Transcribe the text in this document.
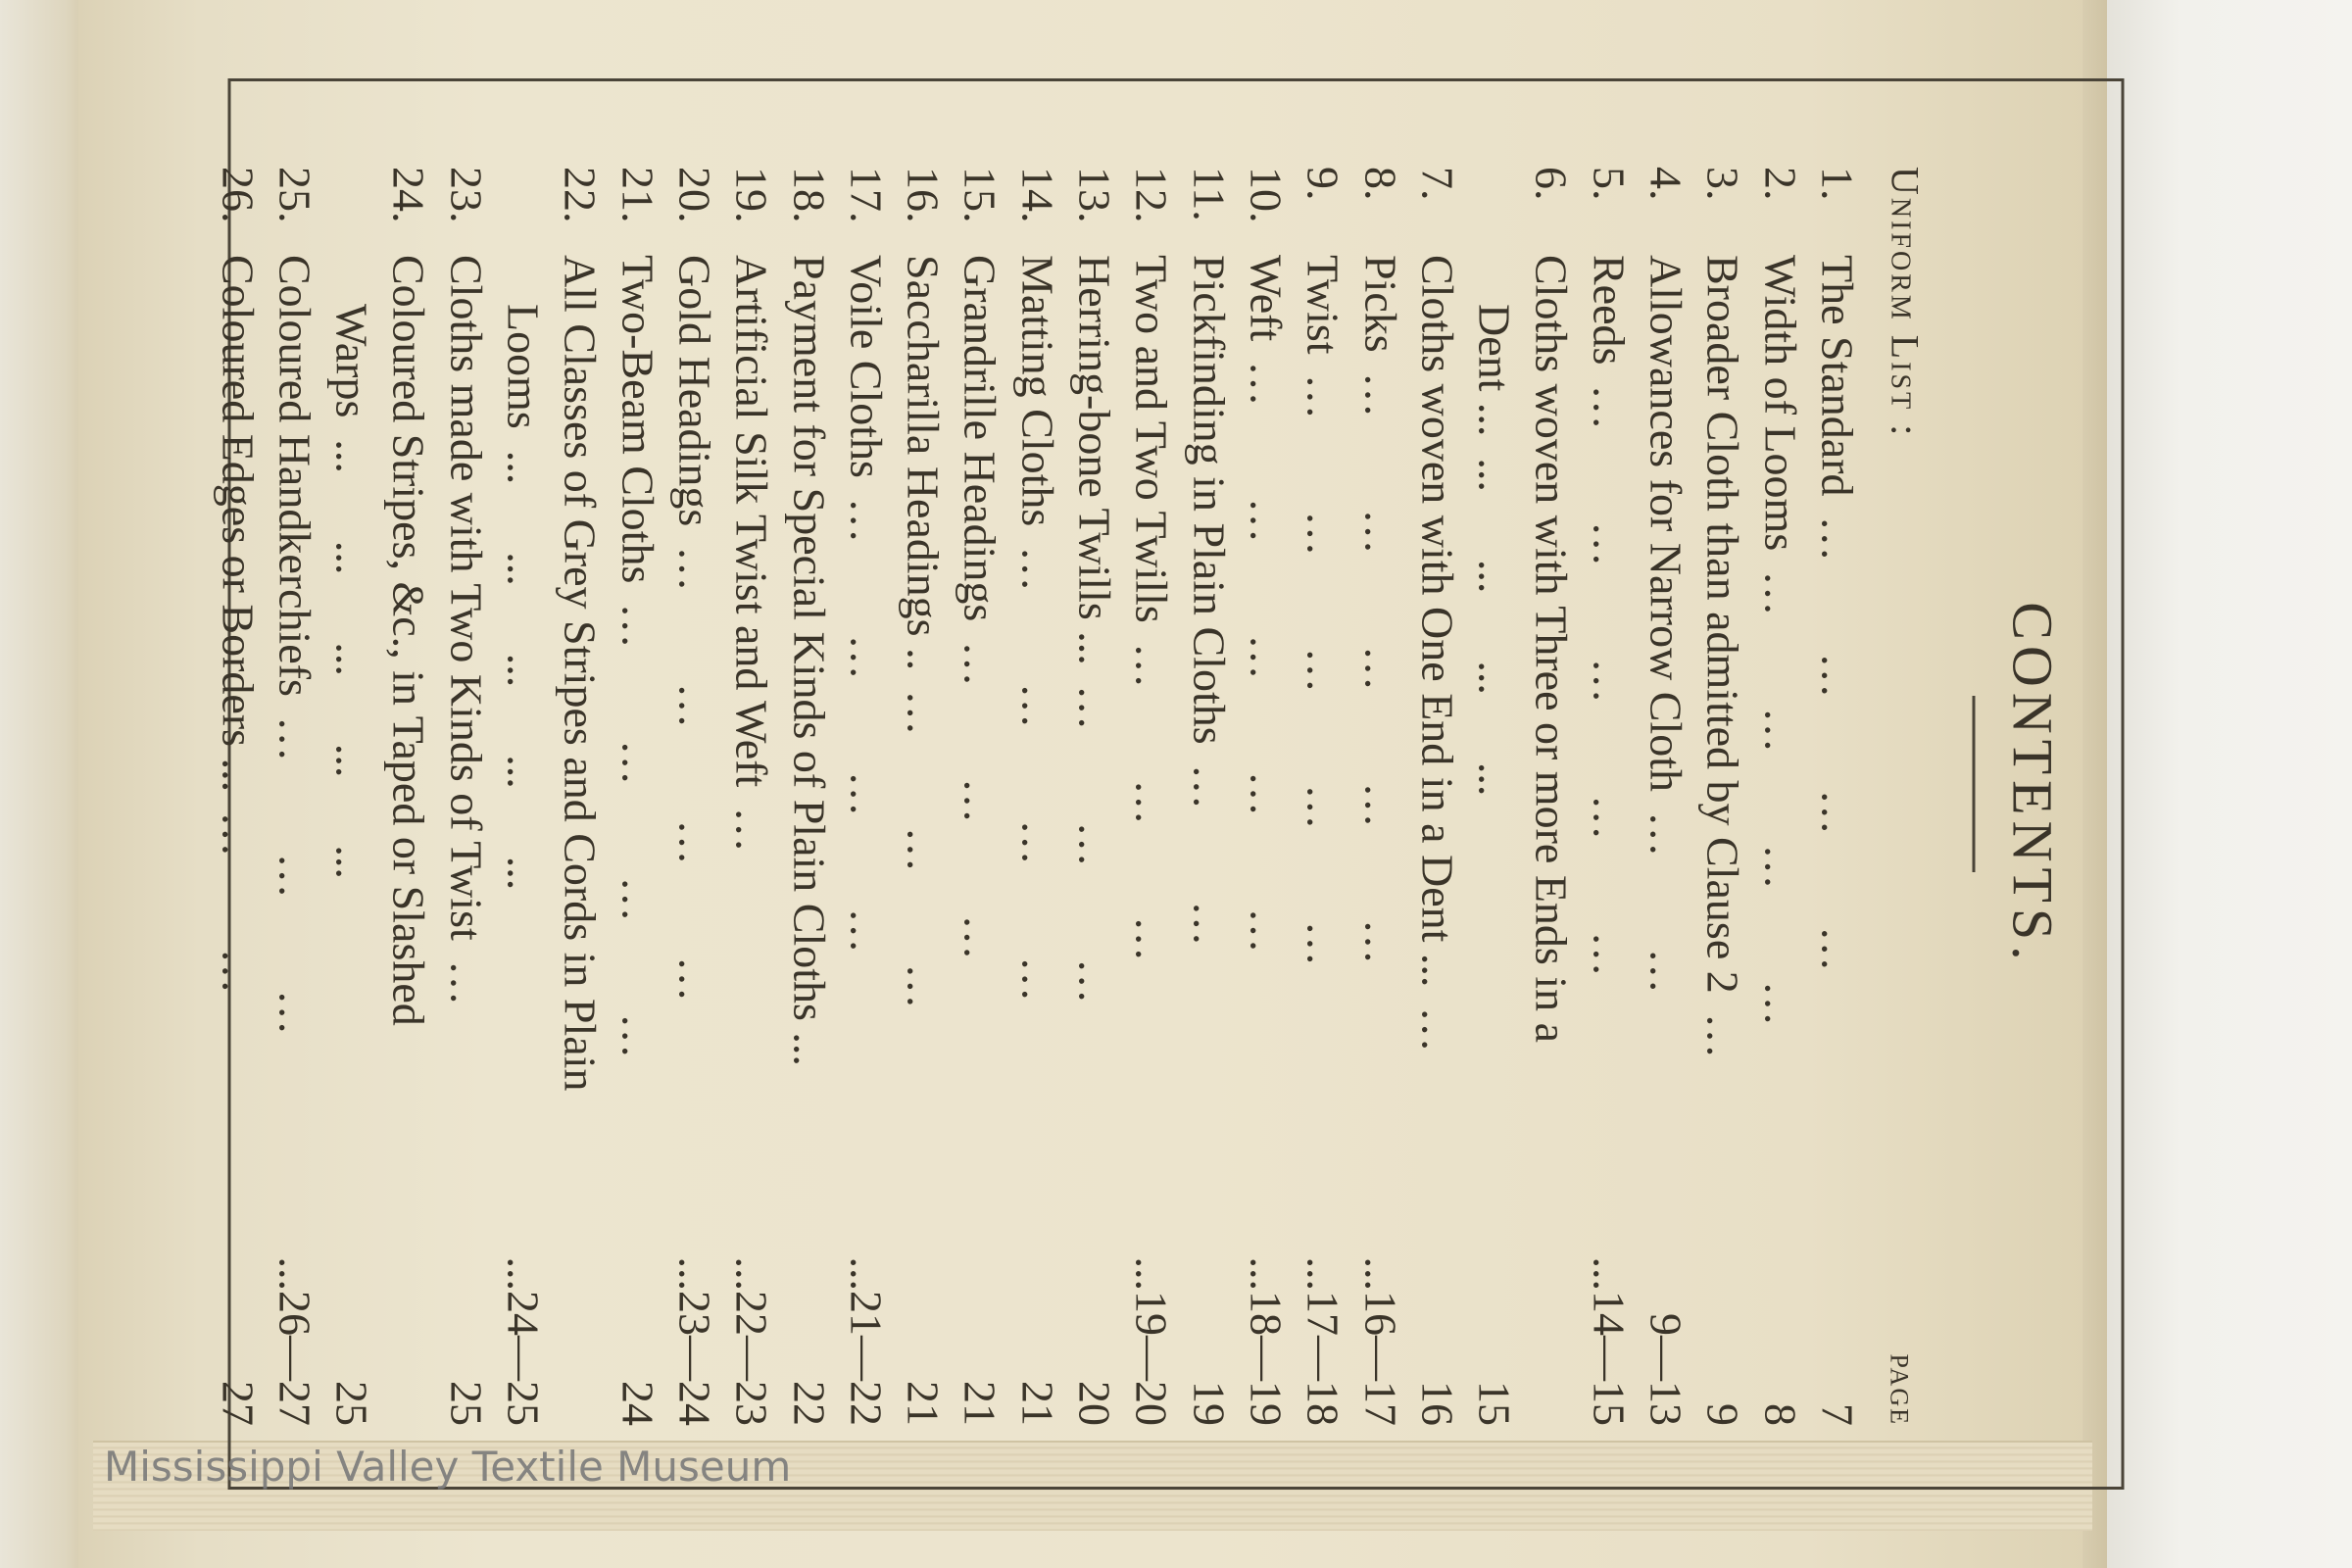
CONTENTS.
Uniform List :
PAGE
1.
The Standard...      ...      ...      ...
7
2.
Width of Looms...      ...      ...      ...
8
3.
Broader Cloth than admitted by Clause 2...
9
4.
Allowances for Narrow Cloth...      ...
9—13
5.
Reeds...      ...      ...      ...      ...
...14—15
6.
Cloths woven with Three or more Ends in a
Dent ......      ...      ...      ...
15
7.
Cloths woven with One End in a Dent ......
16
8.
Picks...      ...      ...      ...      ...
...16—17
9.
Twist...      ...      ...      ...      ...
...17—18
10.
Weft...      ...      ...      ...      ...
...18—19
11.
Pickfinding in Plain Cloths...      ...
19
12.
Two and Two Twills...      ...      ...
...19—20
13.
Herring-bone Twills ......      ...      ...
20
14.
Matting Cloths...      ...      ...      ...
21
15.
Grandrille Headings...      ...      ...
21
16.
Saccharilla Headings .....      ...      ...
21
17.
Voile Cloths...      ...      ...      ...
...21—22
18.
Payment for Special Kinds of Plain Cloths ...
22
19.
Artificial Silk Twist and Weft...
...22—23
20.
Gold Headings...      ...      ...      ...
...23—24
21.
Two-Beam Cloths...      ...      ...      ...
24
22.
All Classes of Grey Stripes and Cords in Plain
Looms...      ...      ...      ...      ...
...24—25
23.
Cloths made with Two Kinds of Twist...
25
24.
Coloured Stripes, &c., in Taped or Slashed
Warps...      ...      ...      ...      ...
25
25.
Coloured Handkerchiefs...      ...      ...
...26—27
26.
Coloured Edges or Borders ......      ...
27
Mississippi Valley Textile Museum
